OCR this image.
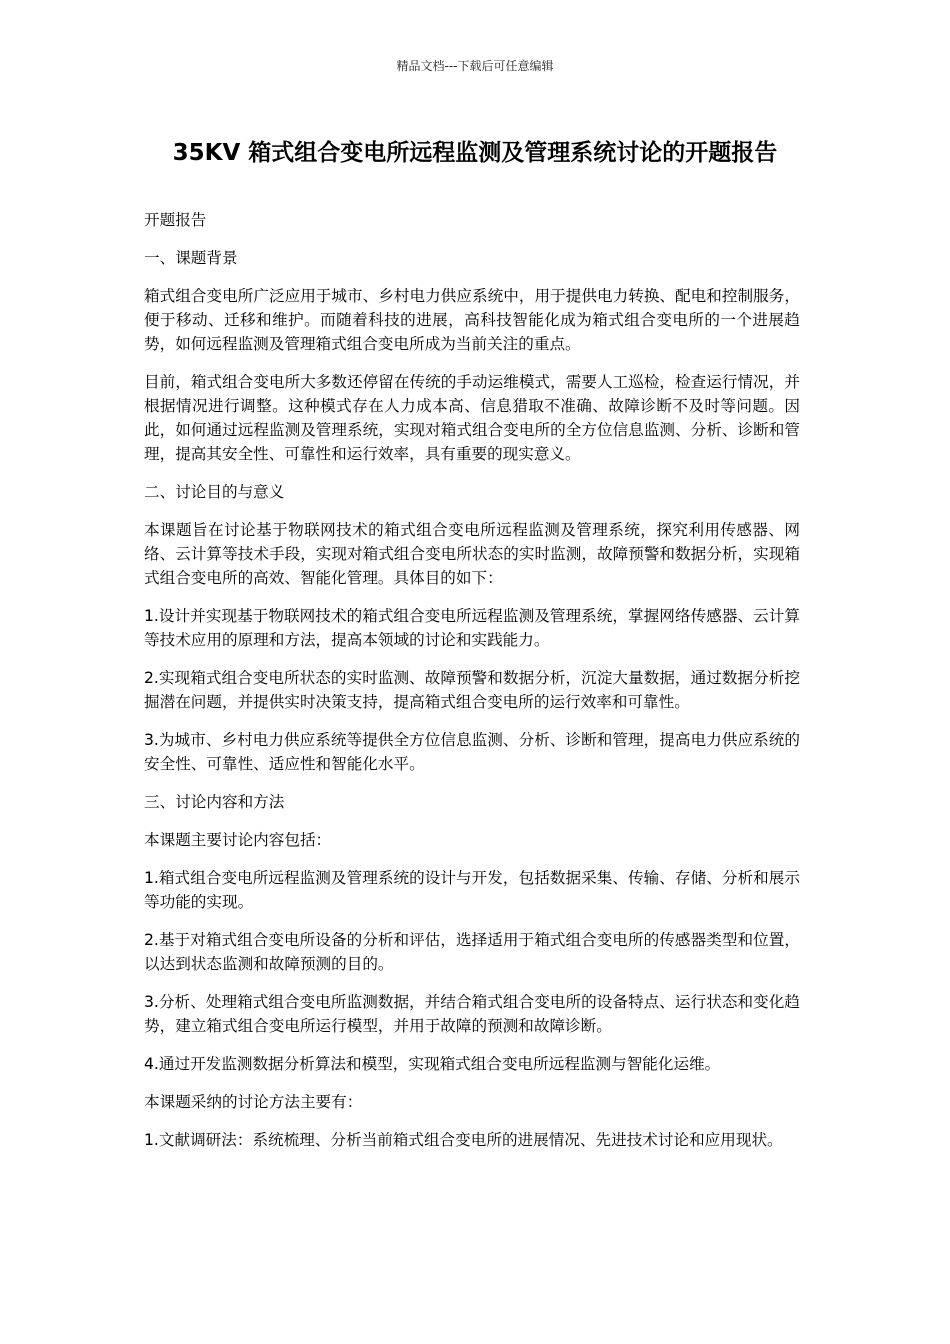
精品文档---下载后可任意编辑
35KV 箱式组合变电所远程监测及管理系统讨论的开题报告

开题报告

一、课题背景

箱式组合变电所广泛应用于城市、乡村电力供应系统中，用于提供电力转换、配电和控制服务，便于移动、迁移和维护。而随着科技的进展，高科技智能化成为箱式组合变电所的一个进展趋势，如何远程监测及管理箱式组合变电所成为当前关注的重点。

目前，箱式组合变电所大多数还停留在传统的手动运维模式，需要人工巡检，检查运行情况，并根据情况进行调整。这种模式存在人力成本高、信息猎取不准确、故障诊断不及时等问题。因此，如何通过远程监测及管理系统，实现对箱式组合变电所的全方位信息监测、分析、诊断和管理，提高其安全性、可靠性和运行效率，具有重要的现实意义。

二、讨论目的与意义

本课题旨在讨论基于物联网技术的箱式组合变电所远程监测及管理系统，探究利用传感器、网络、云计算等技术手段，实现对箱式组合变电所状态的实时监测，故障预警和数据分析，实现箱式组合变电所的高效、智能化管理。具体目的如下：

1.设计并实现基于物联网技术的箱式组合变电所远程监测及管理系统，掌握网络传感器、云计算等技术应用的原理和方法，提高本领域的讨论和实践能力。

2.实现箱式组合变电所状态的实时监测、故障预警和数据分析，沉淀大量数据，通过数据分析挖掘潜在问题，并提供实时决策支持，提高箱式组合变电所的运行效率和可靠性。

3.为城市、乡村电力供应系统等提供全方位信息监测、分析、诊断和管理，提高电力供应系统的安全性、可靠性、适应性和智能化水平。

三、讨论内容和方法

本课题主要讨论内容包括：

1.箱式组合变电所远程监测及管理系统的设计与开发，包括数据采集、传输、存储、分析和展示等功能的实现。

2.基于对箱式组合变电所设备的分析和评估，选择适用于箱式组合变电所的传感器类型和位置，以达到状态监测和故障预测的目的。

3.分析、处理箱式组合变电所监测数据，并结合箱式组合变电所的设备特点、运行状态和变化趋势，建立箱式组合变电所运行模型，并用于故障的预测和故障诊断。

4.通过开发监测数据分析算法和模型，实现箱式组合变电所远程监测与智能化运维。

本课题采纳的讨论方法主要有：

1.文献调研法：系统梳理、分析当前箱式组合变电所的进展情况、先进技术讨论和应用现状。
